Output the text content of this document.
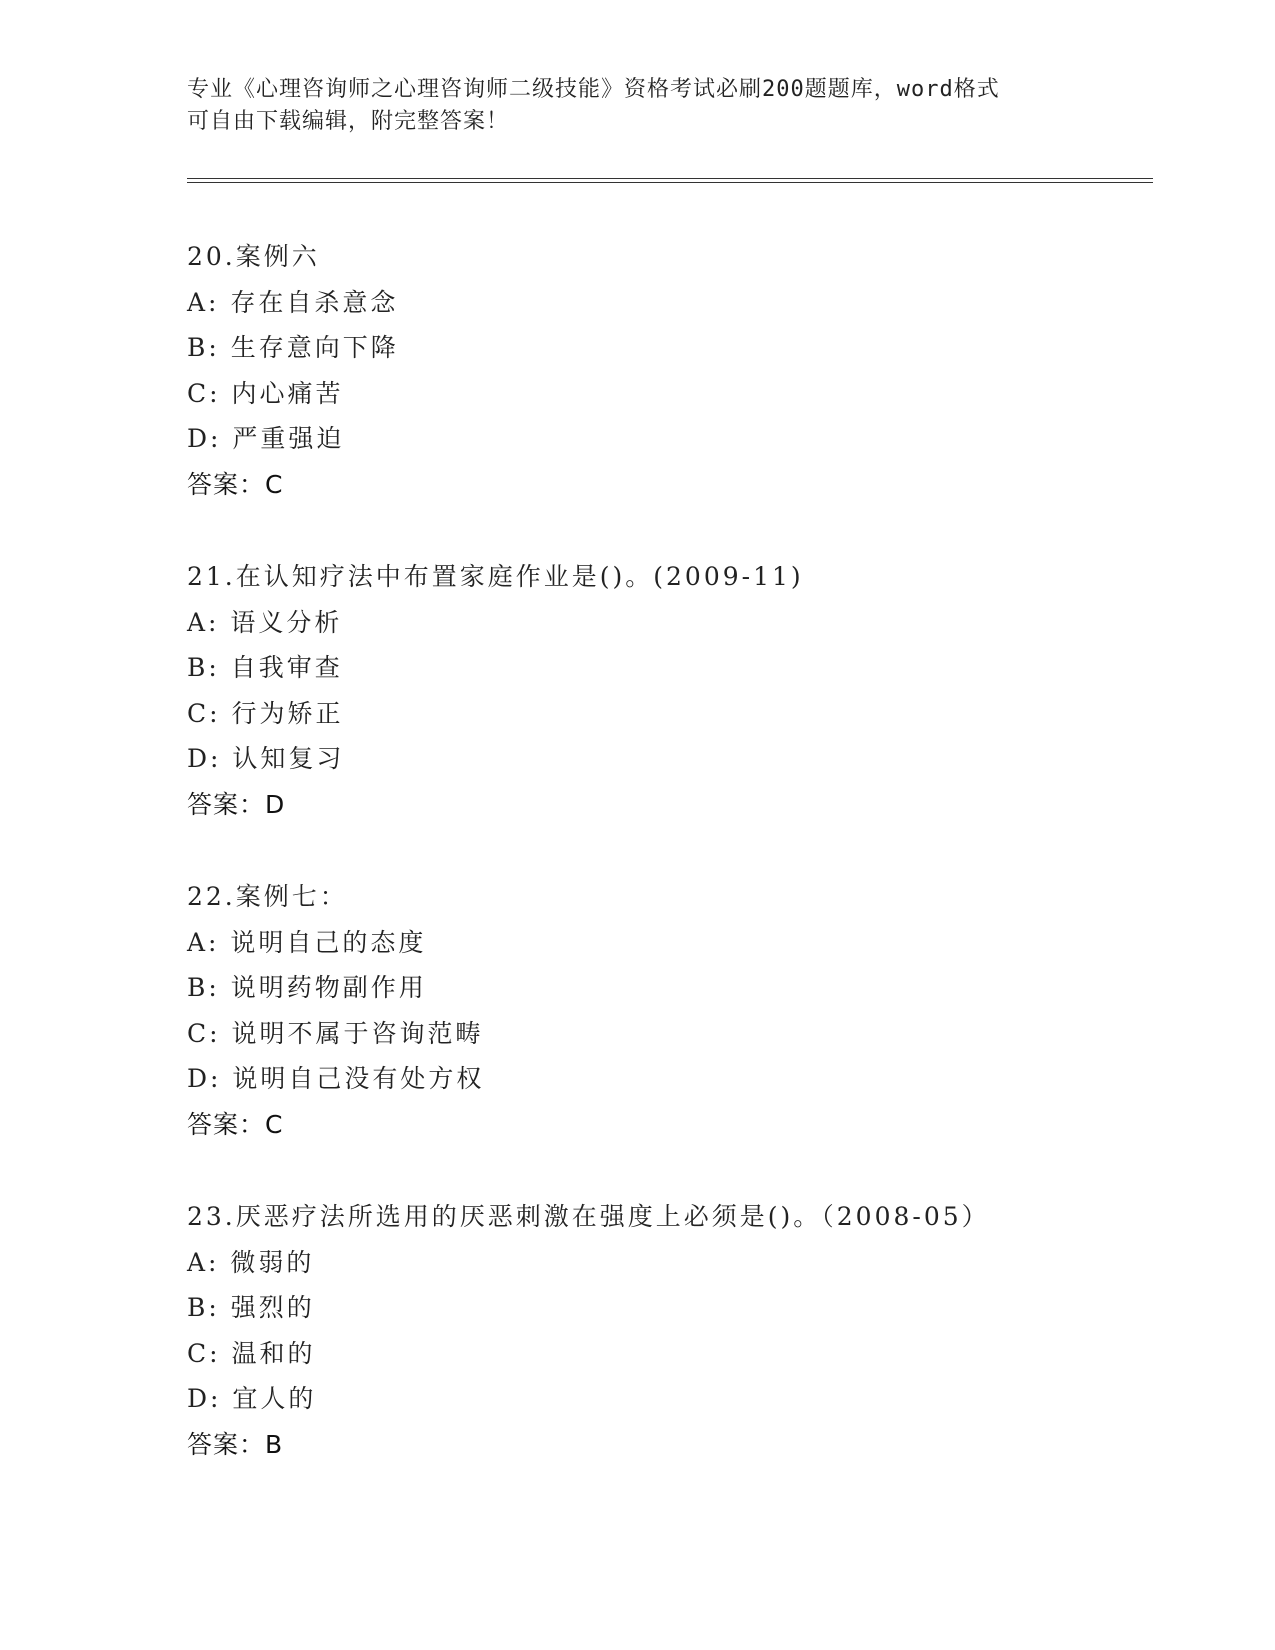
专业《心理咨询师之心理咨询师二级技能》资格考试必刷200题题库，word格式
可自由下载编辑，附完整答案！
20.案例六
A: 存在自杀意念
B: 生存意向下降
C: 内心痛苦
D: 严重强迫
答案：C
21.在认知疗法中布置家庭作业是()。(2009-11)
A: 语义分析
B: 自我审查
C: 行为矫正
D: 认知复习
答案：D
22.案例七：
A: 说明自己的态度
B: 说明药物副作用
C: 说明不属于咨询范畴
D: 说明自己没有处方权
答案：C
23.厌恶疗法所选用的厌恶刺激在强度上必须是()。（2008-05）
A: 微弱的
B: 强烈的
C: 温和的
D: 宜人的
答案：B
